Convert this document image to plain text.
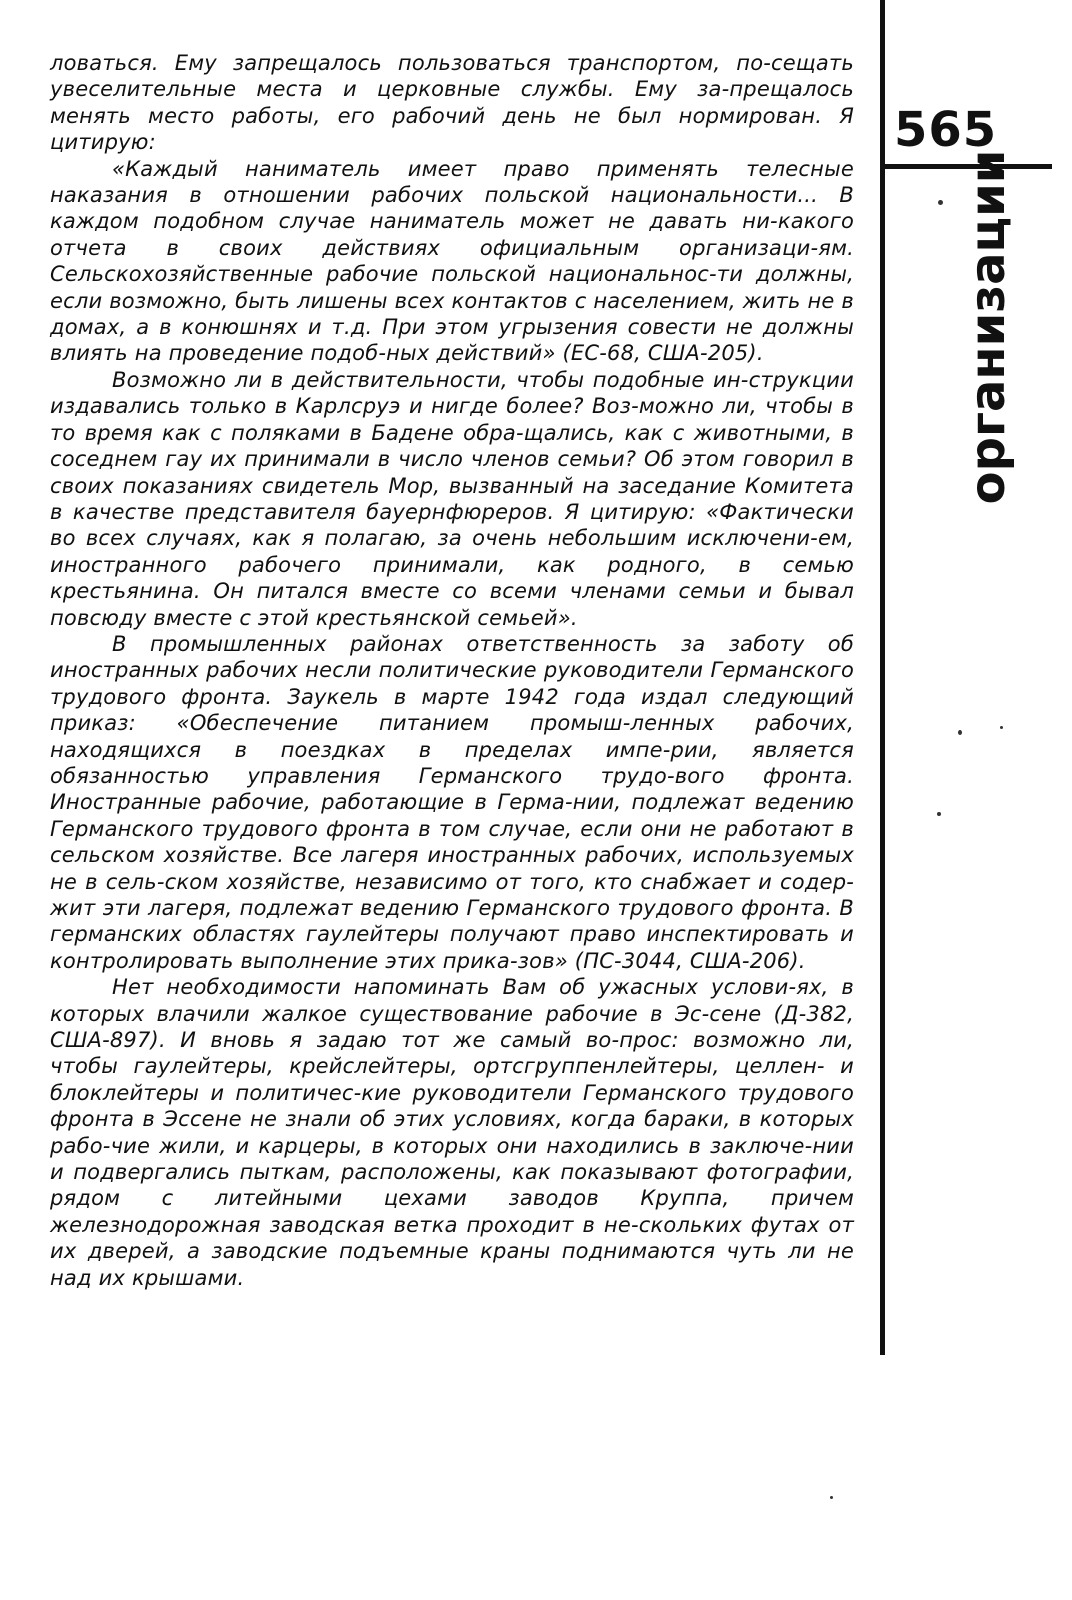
ловаться. Ему запрещалось пользоваться транспортом, по-сещать увеселительные места и церковные службы. Ему за-прещалось менять место работы, его рабочий день не был нормирован. Я цитирую:

«Каждый наниматель имеет право применять телесные наказания в отношении рабочих польской национальности... В каждом подобном случае наниматель может не давать ни-какого отчета в своих действиях официальным организаци-ям. Сельскохозяйственные рабочие польской национальнос-ти должны, если возможно, быть лишены всех контактов с населением, жить не в домах, а в конюшнях и т.д. При этом угрызения совести не должны влиять на проведение подоб-ных действий» (ЕС-68, США-205).

Возможно ли в действительности, чтобы подобные ин-струкции издавались только в Карлсруэ и нигде более? Воз-можно ли, чтобы в то время как с поляками в Бадене обра-щались, как с животными, в соседнем гау их принимали в число членов семьи? Об этом говорил в своих показаниях свидетель Мор, вызванный на заседание Комитета в качестве представителя бауернфюреров. Я цитирую: «Фактически во всех случаях, как я полагаю, за очень небольшим исключени-ем, иностранного рабочего принимали, как родного, в семью крестьянина. Он питался вместе со всеми членами семьи и бывал повсюду вместе с этой крестьянской семьей».

В промышленных районах ответственность за заботу об иностранных рабочих несли политические руководители Германского трудового фронта. Заукель в марте 1942 года издал следующий приказ: «Обеспечение питанием промыш-ленных рабочих, находящихся в поездках в пределах импе-рии, является обязанностью управления Германского трудо-вого фронта. Иностранные рабочие, работающие в Герма-нии, подлежат ведению Германского трудового фронта в том случае, если они не работают в сельском хозяйстве. Все лагеря иностранных рабочих, используемых не в сель-ском хозяйстве, независимо от того, кто снабжает и содер-жит эти лагеря, подлежат ведению Германского трудового фронта. В германских областях гаулейтеры получают право инспектировать и контролировать выполнение этих прика-зов» (ПС-3044, США-206).

Нет необходимости напоминать Вам об ужасных услови-ях, в которых влачили жалкое существование рабочие в Эс-сене (Д-382, США-897). И вновь я задаю тот же самый во-прос: возможно ли, чтобы гаулейтеры, крейслейтеры, ортсгруппенлейтеры, целлен- и блоклейтеры и политичес-кие руководители Германского трудового фронта в Эссене не знали об этих условиях, когда бараки, в которых рабо-чие жили, и карцеры, в которых они находились в заключе-нии и подвергались пыткам, расположены, как показывают фотографии, рядом с литейными цехами заводов Круппа, причем железнодорожная заводская ветка проходит в не-скольких футах от их дверей, а заводские подъемные краны поднимаются чуть ли не над их крышами.

565
организации
